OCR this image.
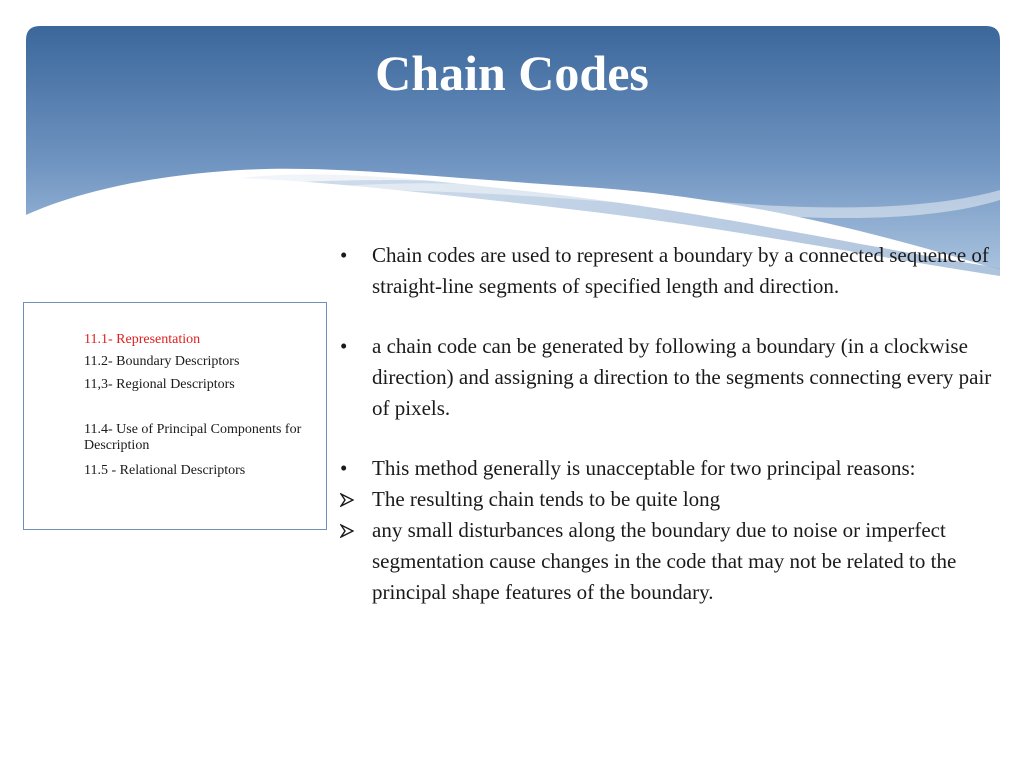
Chain Codes
11.1- Representation
11.2- Boundary Descriptors
11,3- Regional Descriptors
11.4- Use of Principal Components for Description
11.5 - Relational Descriptors
•	Chain codes are used to represent a boundary by a connected sequence of straight-line segments of specified length and direction.
•	a chain code can be generated by following a boundary (in a clockwise direction) and assigning a direction to the segments connecting every pair of pixels.
•	This method generally is unacceptable for two principal reasons:
The resulting chain tends to be quite long
any small disturbances along the boundary due to noise or imperfect segmentation cause changes in the code that may not be related to the principal shape features of the boundary.
